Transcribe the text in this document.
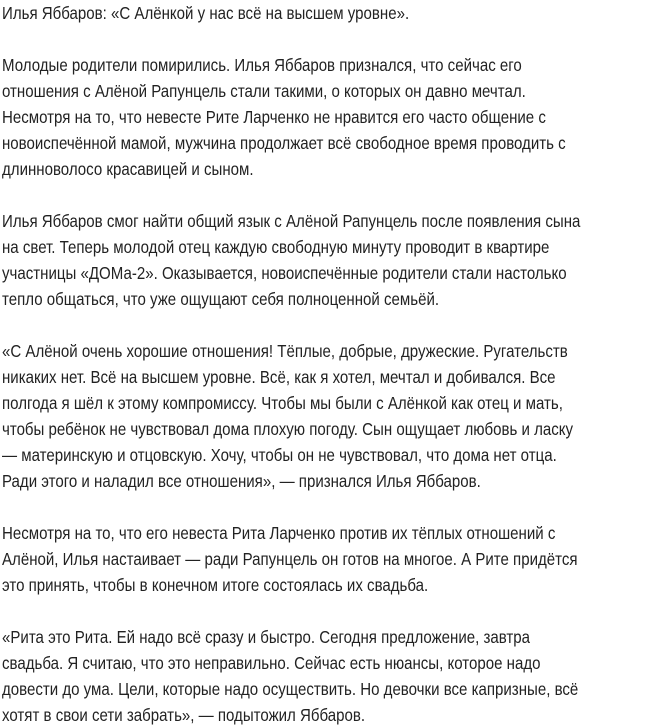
Илья Яббаров: «С Алёнкой у нас всё на высшем уровне».

Молодые родители помирились. Илья Яббаров признался, что сейчас его
отношения с Алёной Рапунцель стали такими, о которых он давно мечтал.
Несмотря на то, что невесте Рите Ларченко не нравится его часто общение с
новоиспечённой мамой, мужчина продолжает всё свободное время проводить с
длинноволосо красавицей и сыном.

Илья Яббаров смог найти общий язык с Алёной Рапунцель после появления сына
на свет. Теперь молодой отец каждую свободную минуту проводит в квартире
участницы «ДОМа-2». Оказывается, новоиспечённые родители стали настолько
тепло общаться, что уже ощущают себя полноценной семьёй.

«С Алёной очень хорошие отношения! Тёплые, добрые, дружеские. Ругательств
никаких нет. Всё на высшем уровне. Всё, как я хотел, мечтал и добивался. Все
полгода я шёл к этому компромиссу. Чтобы мы были с Алёнкой как отец и мать,
чтобы ребёнок не чувствовал дома плохую погоду. Сын ощущает любовь и ласку
— материнскую и отцовскую. Хочу, чтобы он не чувствовал, что дома нет отца.
Ради этого и наладил все отношения», — признался Илья Яббаров.

Несмотря на то, что его невеста Рита Ларченко против их тёплых отношений с
Алёной, Илья настаивает — ради Рапунцель он готов на многое. А Рите придётся
это принять, чтобы в конечном итоге состоялась их свадьба.

«Рита это Рита. Ей надо всё сразу и быстро. Сегодня предложение, завтра
свадьба. Я считаю, что это неправильно. Сейчас есть нюансы, которое надо
довести до ума. Цели, которые надо осуществить. Но девочки все капризные, всё
хотят в свои сети забрать», — подытожил Яббаров.
